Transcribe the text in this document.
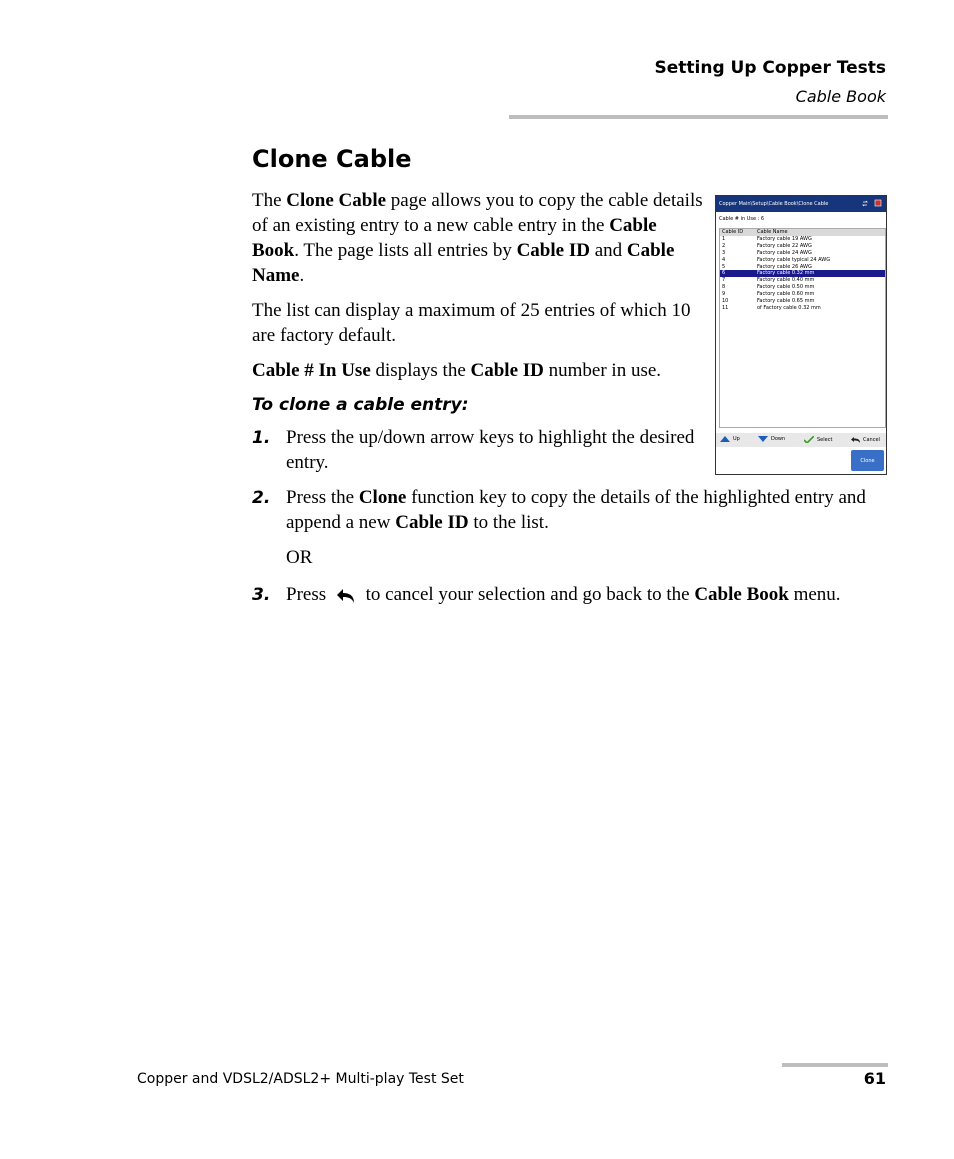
Setting Up Copper Tests
Cable Book
Clone Cable
The Clone Cable page allows you to copy the cable details of an existing entry to a new cable entry in the Cable Book. The page lists all entries by Cable ID and Cable Name.
The list can display a maximum of 25 entries of which 10 are factory default.
Cable # In Use displays the Cable ID number in use.
To clone a cable entry:
1. Press the up/down arrow keys to highlight the desired entry.
2. Press the Clone function key to copy the details of the highlighted entry and append a new Cable ID to the list.
OR
3. Press  to cancel your selection and go back to the Cable Book menu.
Copper Main\Setup\Cable Book\Clone Cable
Cable # in Use : 6
Cable ID	Cable Name
1	Factory cable 19 AWG
2	Factory cable 22 AWG
3	Factory cable 24 AWG
4	Factory cable typical 24 AWG
5	Factory cable 26 AWG
6	Factory cable 0.32 mm
7	Factory cable 0.40 mm
8	Factory cable 0.50 mm
9	Factory cable 0.60 mm
10	Factory cable 0.65 mm
11	of Factory cable 0.32 mm
Up	Down	Select	Cancel
Clone
Copper and VDSL2/ADSL2+ Multi-play Test Set	61
